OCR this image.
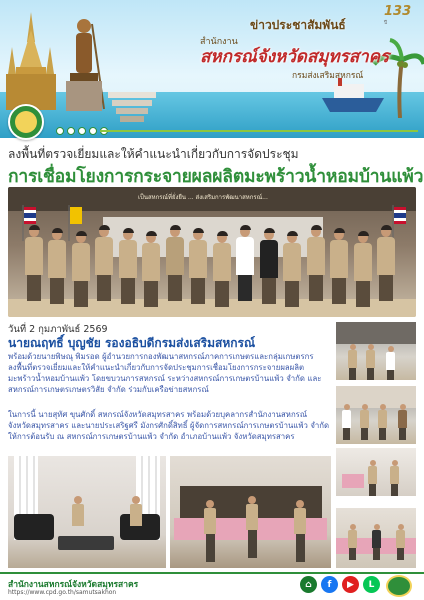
133
ปี
ข่าวประชาสัมพันธ์
สำนักงาน
สหกรณ์จังหวัดสมุทรสาคร
กรมส่งเสริมสหกรณ์
ลงพื้นที่ตรวจเยี่ยมและให้คำแนะนำเกี่ยวกับการจัดประชุม
การเชื่อมโยงการกระจายผลผลิตมะพร้าวน้ำหอมบ้านแพ้ว
เป็นสหกรณ์ที่ยั่งยืน ... ส่งเสริมการพัฒนาสหกรณ์...
วันที่ 2 กุมภาพันธ์ 2569
นายณฤทธิ์ บุญชัย รองอธิบดีกรมส่งเสริมสหกรณ์
พร้อมด้วยนายพิษณุ พิมรอด ผู้อำนวยการกองพัฒนาสหกรณ์ภาคการเกษตรและกลุ่มเกษตรกร ลงพื้นที่ตรวจเยี่ยมและให้คำแนะนำเกี่ยวกับการจัดประชุมการเชื่อมโยงการกระจายผลผลิตมะพร้าวน้ำหอมบ้านแพ้ว โดยขบวนการสหกรณ์ ระหว่างสหกรณ์การเกษตรบ้านแพ้ว จำกัด และสหกรณ์การเกษตรเกษตรวิสัย จำกัด ร่วมกับเครือข่ายสหกรณ์
ในการนี้ นายสุทัศ ขุนศักดิ์ สหกรณ์จังหวัดสมุทรสาคร พร้อมด้วยบุคลากรสำนักงานสหกรณ์จังหวัดสมุทรสาคร และนายประเสริฐศรี มังกรศักดิ์สิทธิ์ ผู้จัดการสหกรณ์การเกษตรบ้านแพ้ว จำกัด ให้การต้อนรับ ณ สหกรณ์การเกษตรบ้านแพ้ว จำกัด อำเภอบ้านแพ้ว จังหวัดสมุทรสาคร
สำนักงานสหกรณ์จังหวัดสมุทรสาคร
https://www.cpd.go.th/samutsakhon
⌂	f	▶	L
